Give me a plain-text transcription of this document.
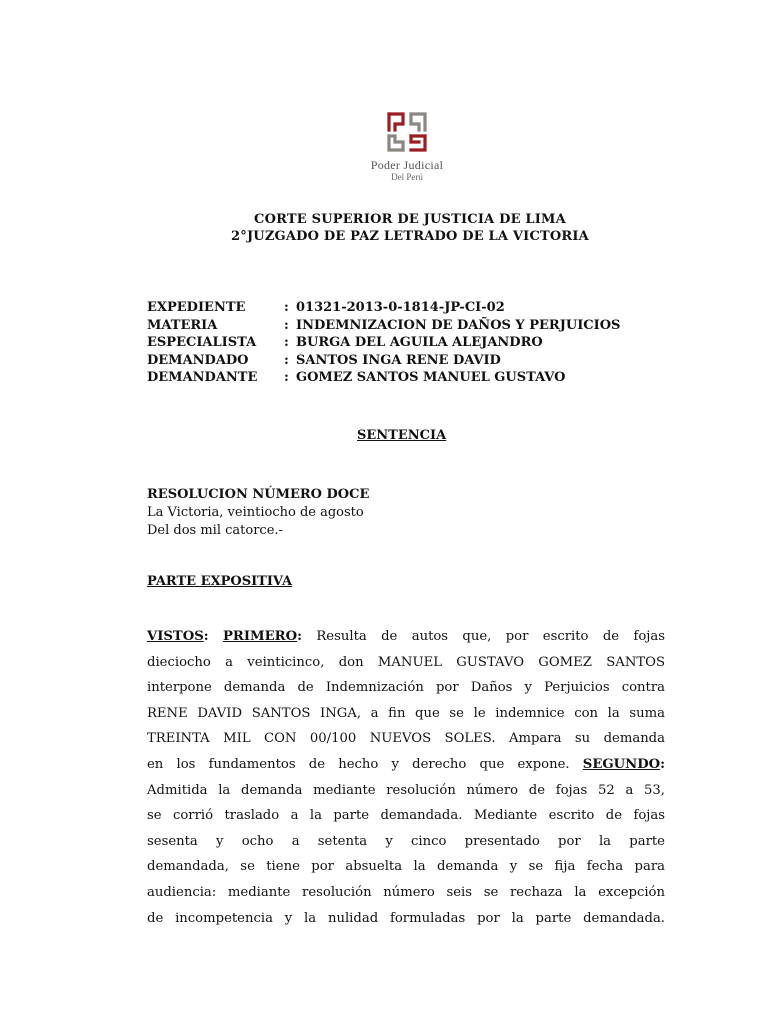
Poder Judicial
Del Perú
CORTE SUPERIOR DE JUSTICIA DE LIMA
2°JUZGADO DE PAZ LETRADO DE LA VICTORIA
EXPEDIENTE	: 01321-2013-0-1814-JP-CI-02
MATERIA	: INDEMNIZACION DE DAÑOS Y PERJUICIOS
ESPECIALISTA	: BURGA DEL AGUILA ALEJANDRO
DEMANDADO	: SANTOS INGA RENE DAVID
DEMANDANTE	: GOMEZ SANTOS MANUEL GUSTAVO
SENTENCIA
RESOLUCION NÚMERO DOCE
La Victoria, veintiocho de agosto
Del dos mil catorce.-
PARTE EXPOSITIVA
VISTOS: PRIMERO: Resulta de autos que, por escrito de fojas
dieciocho a veinticinco, don MANUEL GUSTAVO GOMEZ SANTOS
interpone demanda de Indemnización por Daños y Perjuicios contra
RENE DAVID SANTOS INGA, a fin que se le indemnice con la suma
TREINTA MIL CON 00/100 NUEVOS SOLES. Ampara su demanda
en los fundamentos de hecho y derecho que expone. SEGUNDO:
Admitida la demanda mediante resolución número de fojas 52 a 53,
se corrió traslado a la parte demandada. Mediante escrito de fojas
sesenta y ocho a setenta y cinco presentado por la parte
demandada, se tiene por absuelta la demanda y se fija fecha para
audiencia: mediante resolución número seis se rechaza la excepción
de incompetencia y la nulidad formuladas por la parte demandada.
